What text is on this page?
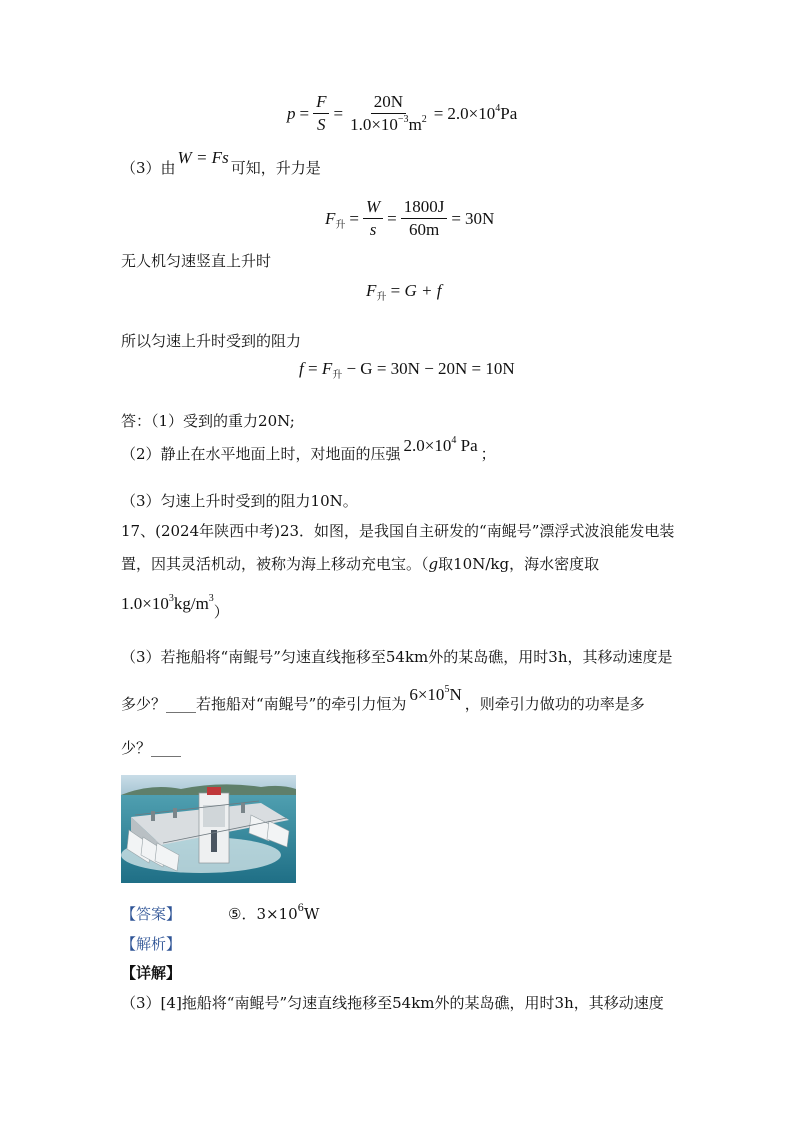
$p = \frac{F}{S} = \frac{20N}{1.0\times 10^{-3}m^2} = 2.0\times 10^4Pa$
（3）由W = Fs可知，升力是
$F_升 = \frac{W}{s} = \frac{1800J}{60m} = 30N$
无人机匀速竖直上升时
$F_升 = G + f$
所以匀速上升时受到的阻力
$f = F_升 - G = 30N - 20N = 10N$
答：（1）受到的重力20N;
（2）静止在水平地面上时，对地面的压强 $2.0\times 10^4$ Pa ；
（3）匀速上升时受到的阻力10N。
17、(2024年陕西中考)23．如图，是我国自主研发的“南鲲号”漂浮式波浪能发电装
置，因其灵活机动，被称为海上移动充电宝。（g取10N/kg，海水密度取
$1.0\times 10^3kg/m^3$）
（3）若拖船将“南鲲号”匀速直线拖移至54km外的某岛礁，用时3h，其移动速度是
多少？____若拖船对“南鲲号”的牵引力恒为 $6\times 10^5N$ ，则牵引力做功的功率是多
少？____
【答案】	⑤．$3\times 10^6W$
【解析】
【详解】
（3）[4]拖船将“南鲲号”匀速直线拖移至54km外的某岛礁，用时3h，其移动速度
